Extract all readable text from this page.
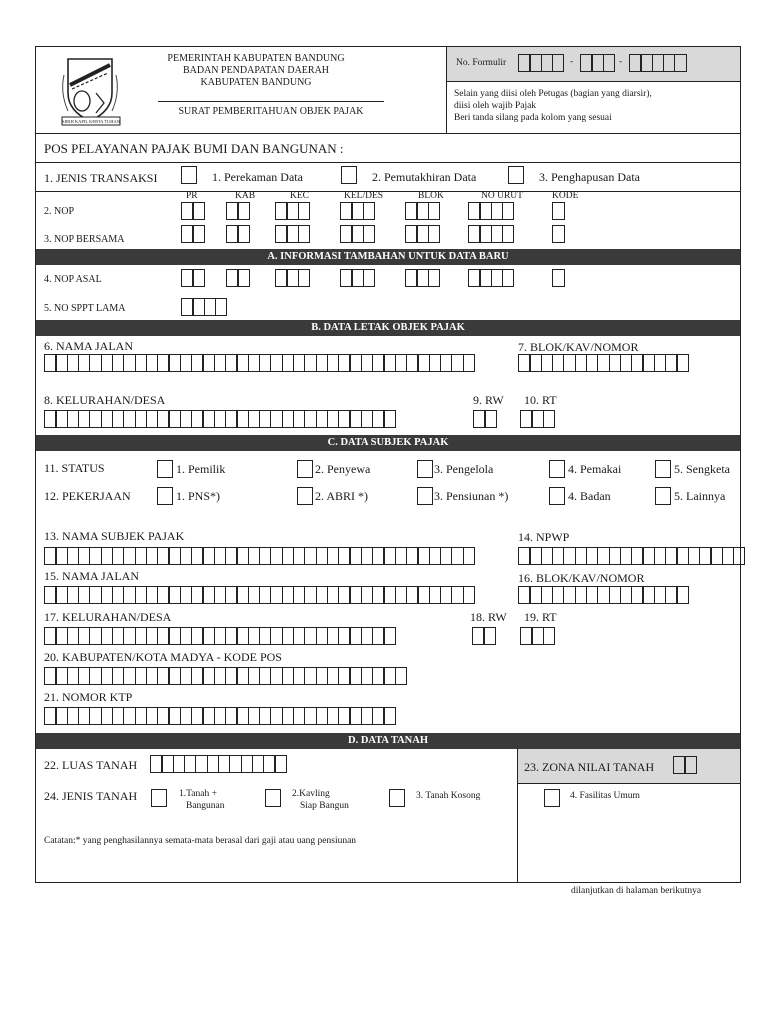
SIRIH KAPIL KERTA TUHAN
PEMERINTAH KABUPATEN BANDUNG
BADAN PENDAPATAN DAERAH
KABUPATEN BANDUNG
SURAT PEMBERITAHUAN OBJEK PAJAK
No. Formulir	-	-
Selain yang diisi oleh Petugas (bagian yang diarsir),
diisi oleh wajib Pajak
Beri tanda silang pada kolom yang sesuai
POS PELAYANAN PAJAK BUMI DAN BANGUNAN :
1. JENIS TRANSAKSI	1. Perekaman Data	2. Pemutakhiran Data	3. Penghapusan Data
PR	KAB	KEC	KEL/DES	BLOK	NO URUT	KODE
2. NOP
3. NOP BERSAMA
A. INFORMASI TAMBAHAN UNTUK DATA BARU
4. NOP ASAL
5. NO SPPT LAMA
B. DATA LETAK OBJEK PAJAK
6. NAMA JALAN	7. BLOK/KAV/NOMOR
8. KELURAHAN/DESA	9. RW 10. RT
C. DATA SUBJEK PAJAK
11. STATUS	1. Pemilik	2. Penyewa	3. Pengelola	4. Pemakai	5. Sengketa
12. PEKERJAAN	1. PNS*)	2. ABRI *)	3. Pensiunan *)	4. Badan	5. Lainnya
13. NAMA SUBJEK PAJAK	14. NPWP
15. NAMA JALAN	16. BLOK/KAV/NOMOR
17. KELURAHAN/DESA	18. RW 19. RT
20. KABUPATEN/KOTA MADYA - KODE POS
21. NOMOR KTP
D. DATA TANAH
22. LUAS TANAH	23. ZONA NILAI TANAH
24. JENIS TANAH	1.Tanah +
Bangunan
2.Kavling
Siap Bangun
3. Tanah Kosong	4. Fasilitas Umum
Catatan:* yang penghasilannya semata-mata berasal dari gaji atau uang pensiunan
dilanjutkan di halaman berikutnya
